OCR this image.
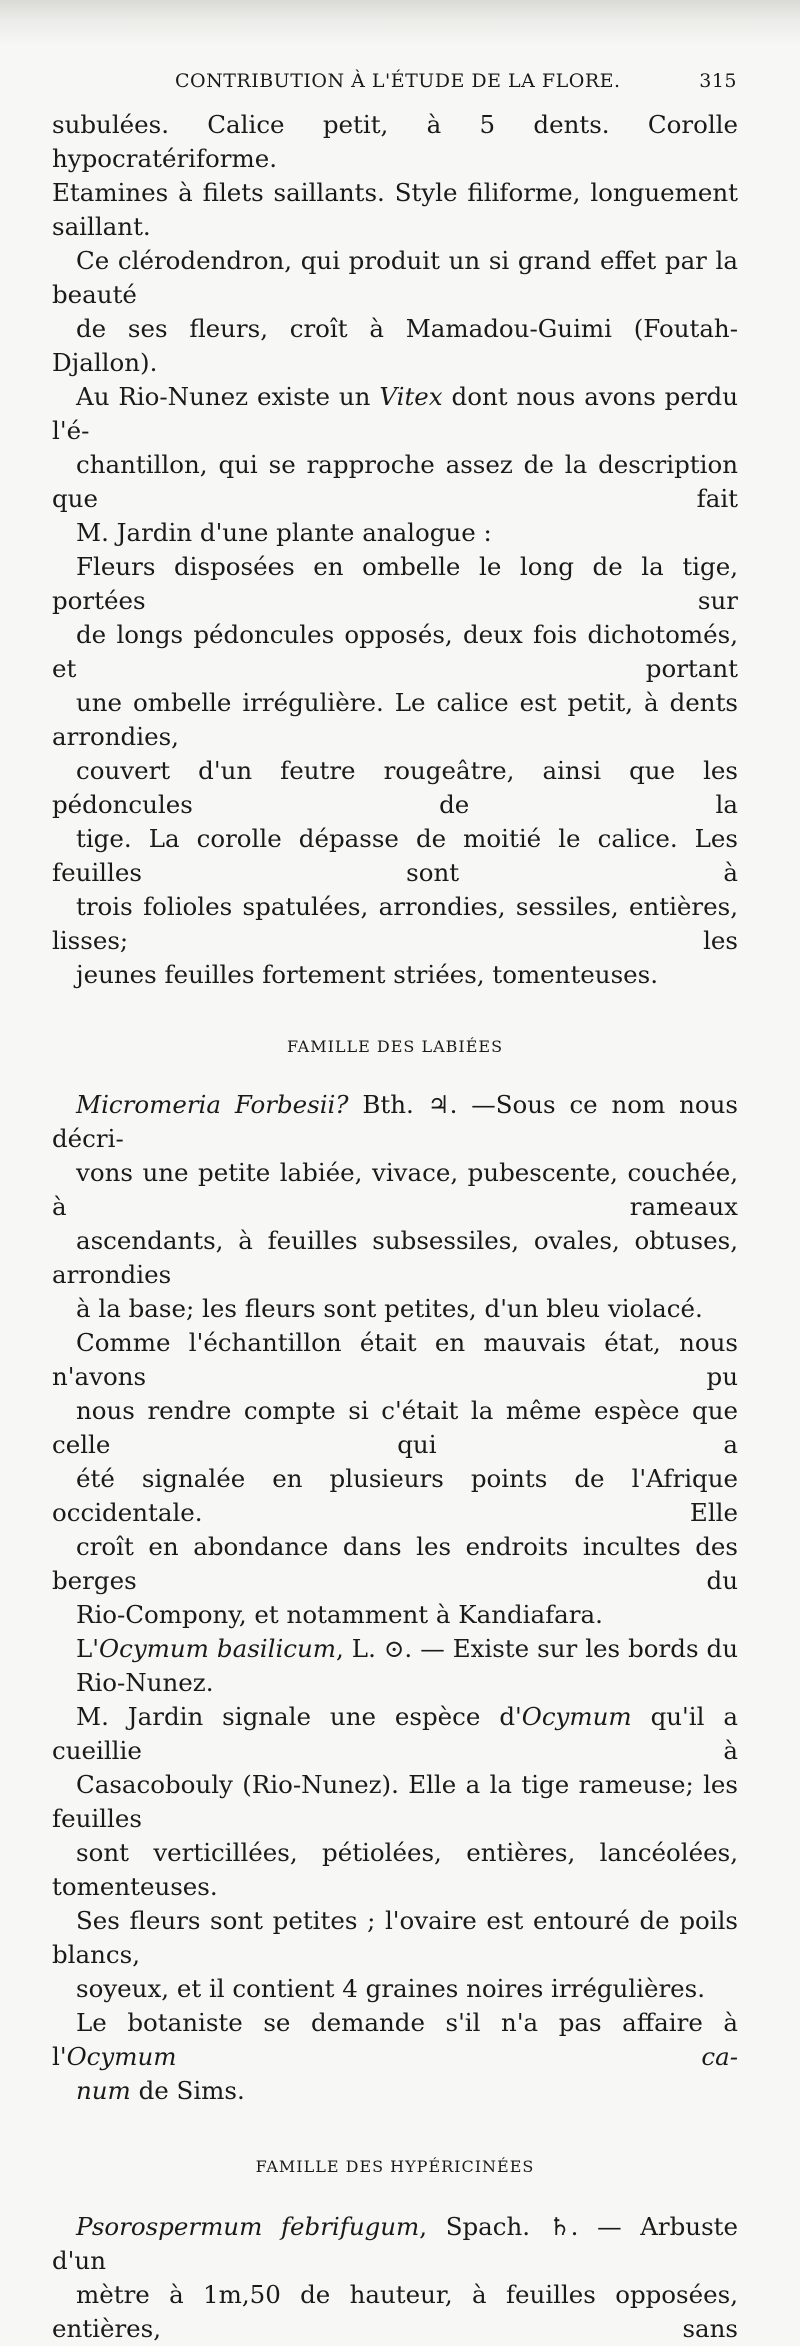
CONTRIBUTION À L'ÉTUDE DE LA FLORE.	315

subulées. Calice petit, à 5 dents. Corolle hypocratériforme.
Etamines à filets saillants. Style filiforme, longuement saillant.

Ce clérodendron, qui produit un si grand effet par la beauté
de ses fleurs, croît à Mamadou-Guimi (Foutah-Djallon).

Au Rio-Nunez existe un Vitex dont nous avons perdu l'é-
chantillon, qui se rapproche assez de la description que fait
M. Jardin d'une plante analogue :

Fleurs disposées en ombelle le long de la tige, portées sur
de longs pédoncules opposés, deux fois dichotomés, et portant
une ombelle irrégulière. Le calice est petit, à dents arrondies,
couvert d'un feutre rougeâtre, ainsi que les pédoncules de la
tige. La corolle dépasse de moitié le calice. Les feuilles sont à
trois folioles spatulées, arrondies, sessiles, entières, lisses; les
jeunes feuilles fortement striées, tomenteuses.

FAMILLE DES LABIÉES

Micromeria Forbesii? Bth. ♃. —Sous ce nom nous décri-
vons une petite labiée, vivace, pubescente, couchée, à rameaux
ascendants, à feuilles subsessiles, ovales, obtuses, arrondies
à la base; les fleurs sont petites, d'un bleu violacé.

Comme l'échantillon était en mauvais état, nous n'avons pu
nous rendre compte si c'était la même espèce que celle qui a
été signalée en plusieurs points de l'Afrique occidentale. Elle
croît en abondance dans les endroits incultes des berges du
Rio-Compony, et notamment à Kandiafara.

L'Ocymum basilicum, L. ⊙. — Existe sur les bords du
Rio-Nunez.

M. Jardin signale une espèce d'Ocymum qu'il a cueillie à
Casacobouly (Rio-Nunez). Elle a la tige rameuse; les feuilles
sont verticillées, pétiolées, entières, lancéolées, tomenteuses.
Ses fleurs sont petites ; l'ovaire est entouré de poils blancs,
soyeux, et il contient 4 graines noires irrégulières.

Le botaniste se demande s'il n'a pas affaire à l'Ocymum ca-
num de Sims.

FAMILLE DES HYPÉRICINÉES

Psorospermum febrifugum, Spach. ♄. — Arbuste d'un
mètre à 1m,50 de hauteur, à feuilles opposées, entières, sans
